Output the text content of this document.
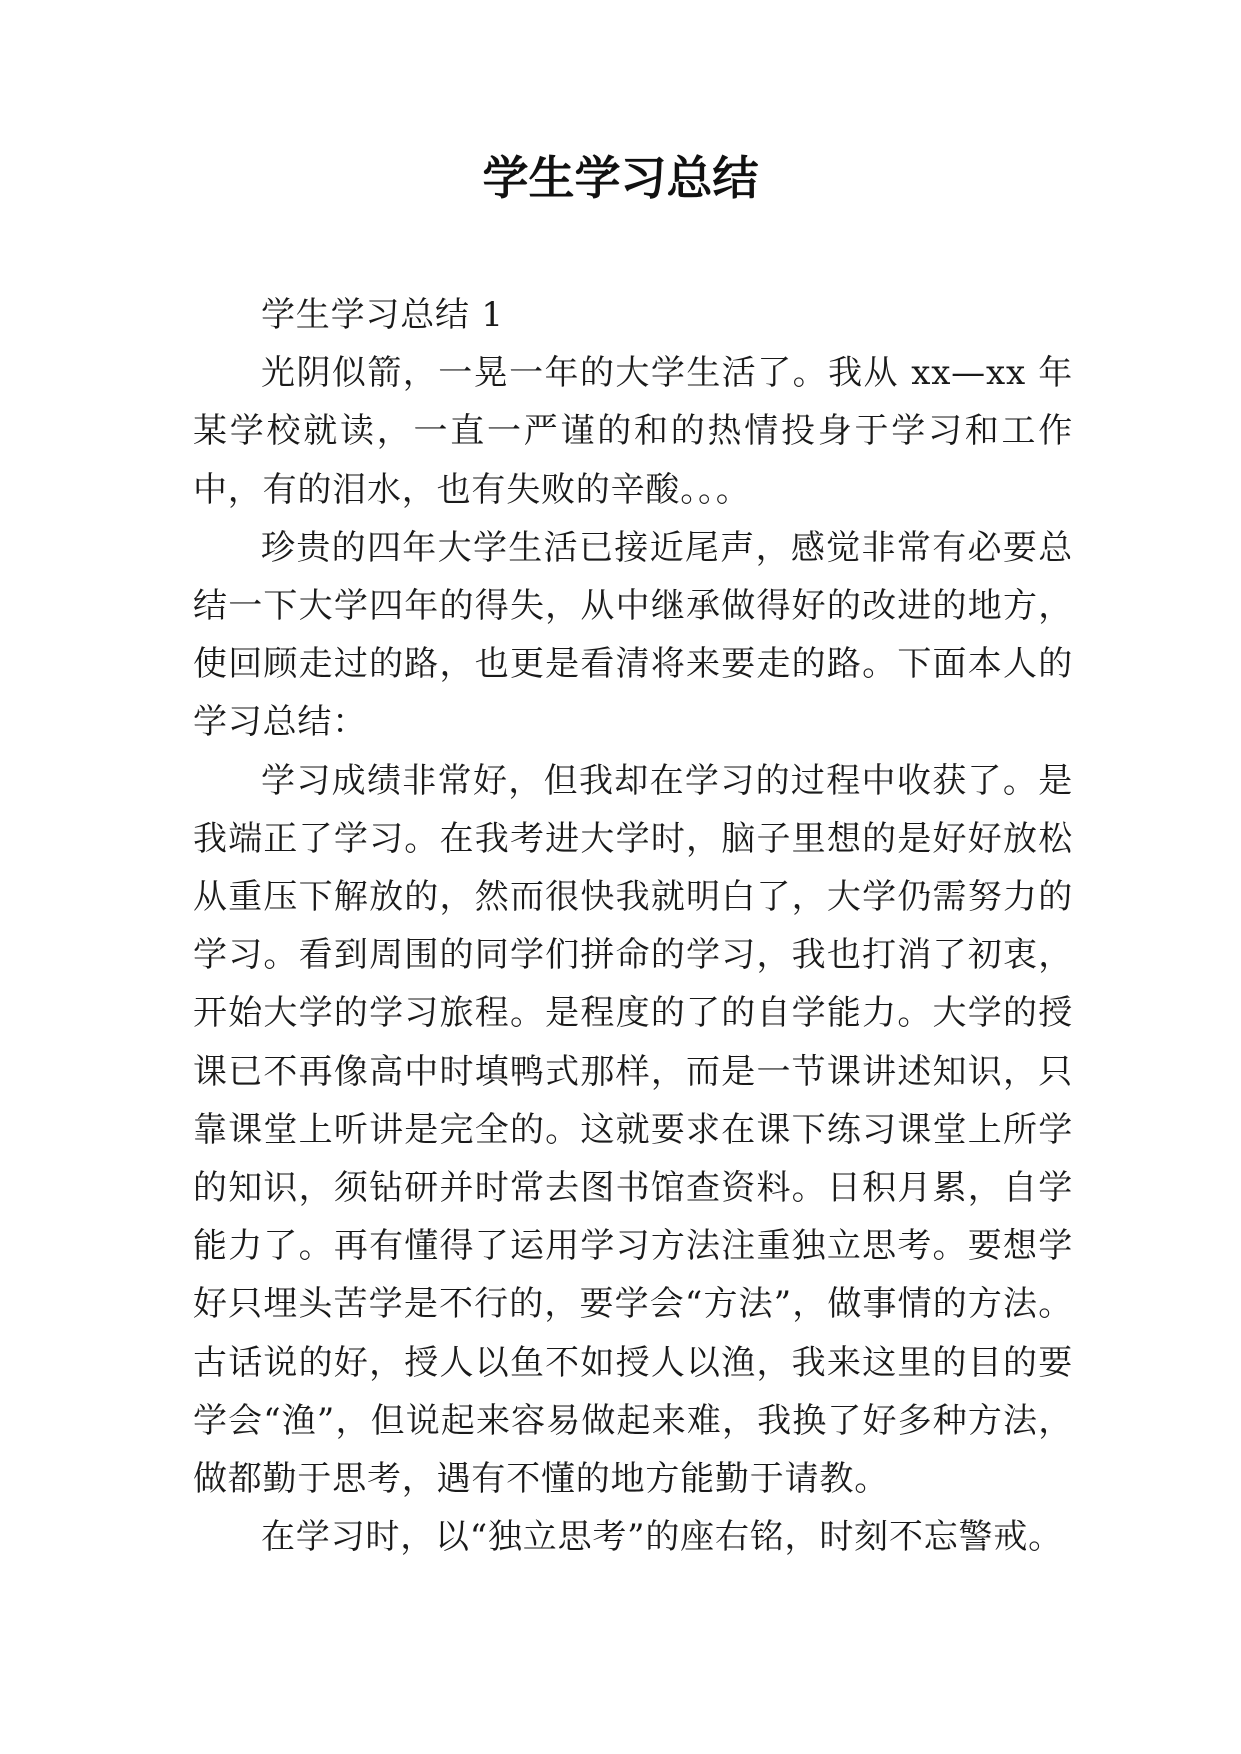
学生学习总结

学生学习总结 1

光阴似箭，一晃一年的大学生活了。我从 xx—xx 年某学校就读，一直一严谨的和的热情投身于学习和工作中，有的泪水，也有失败的辛酸。。。

珍贵的四年大学生活已接近尾声，感觉非常有必要总结一下大学四年的得失，从中继承做得好的改进的地方，使回顾走过的路，也更是看清将来要走的路。下面本人的学习总结：

学习成绩非常好，但我却在学习的过程中收获了。是我端正了学习。在我考进大学时，脑子里想的是好好放松从重压下解放的，然而很快我就明白了，大学仍需努力的学习。看到周围的同学们拼命的学习，我也打消了初衷，开始大学的学习旅程。是程度的了的自学能力。大学的授课已不再像高中时填鸭式那样，而是一节课讲述知识，只靠课堂上听讲是完全的。这就要求在课下练习课堂上所学的知识，须钻研并时常去图书馆查资料。日积月累，自学能力了。再有懂得了运用学习方法注重独立思考。要想学好只埋头苦学是不行的，要学会“方法”，做事情的方法。古话说的好，授人以鱼不如授人以渔，我来这里的目的要学会“渔”，但说起来容易做起来难，我换了好多种方法，做都勤于思考，遇有不懂的地方能勤于请教。

在学习时，以“独立思考”的座右铭，时刻不忘警戒。
